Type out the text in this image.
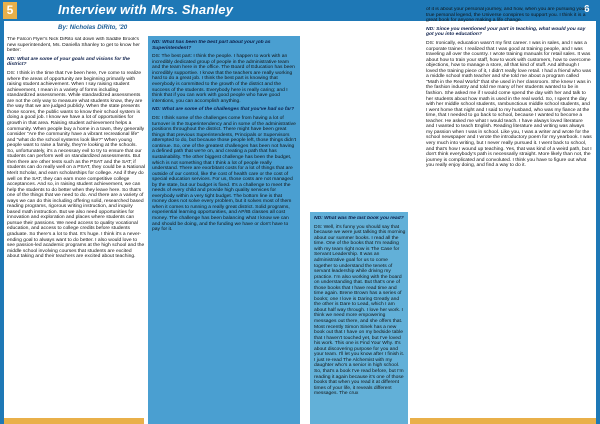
5	Interview with Mrs. Shanley	6
By: Nicholas DiRito, '20

The Falcon Flyer's Nick DiRito sat down with Saddle Brook's new superintendent, Ms. Daniella Shanley to get to know her better:

ND: What are some of your goals and visions for the district?

DS: I think in the time that I've been here, I've come to realize where the areas of opportunity are beginning primarily with raising student achievement. When I say raising student achievement, I mean in a variety of forms including standardized assessments. While standardized assessments are not the only way to measure what students know, they are the way that we are judged publicly. When the state presents those scores, the public wants to know their school system is doing a good job. I know we have a lot of opportunities for growth in that area. Raising student achievement helps a community. When people buy a home in a town, they generally consider "Are the community have a vibrant recreational life" and "what do the school systems look like?" When young people want to raise a family, they're looking at the schools. So, unfortunately, it's a necessary evil to try to ensure that our students can perform well on standardized assessments. But then there are other tests such as the PSAT and the SAT; if students can do really well on a PSAT, they could be a National Merit Scholar, and earn scholarships for college. And if they do well on the SAT, they can earn more competitive college acceptances. And so, in raising student achievement, we can help the students to do better when they leave here. So that's one of the things that we need to do. And there are a variety of ways we can do this including offering solid, researched based reading programs, rigorous writing instruction, and inquiry based math instruction. But we also need opportunities for innovation and exploration and places where students can pursue their passions. We need access to quality vocational education, and access to college credits before students graduate. So there's a lot to that. It's huge. I think it's a never-ending goal to always want to do better. I also would love to see passion-led academic programs at the high school and the middle school involving courses that students are excited about taking and their teachers are excited about teaching.

ND: What has been the best part about your job as Superintendent?

DS: The best part: I think the people. I happen to work with an incredibly dedicated group of people in the administrative team and the team here in the office. The Board of Education has been incredibly supportive. I know that the teachers are really working hard to do a great job. I think the best part is knowing that everybody is committed to the growth of the district and the success of the students. Everybody here is really caring; and I think that if you can work with good people who have good intentions, you can accomplish anything.

ND: What are some of the challenges that you've had so far?

DS: I think some of the challenges come from having a lot of turnover in the Superintendency and in some of the administrative positions throughout the district. There might have been great things that previous Superintendents, Principals or Supervisors attempted to do, but because those people left, those things didn't continue. So, one of the greatest challenges has been not having a defined path that we're on, and creating a path that has sustainability. The other biggest challenge has been the budget, which is not something that I think a lot of people really understand. There are exorbitant costs for a lot of things that are outside of our control, like the cost of health care or the cost of special education services. For us, those costs are not managed by the state, but our budget is fixed. It's a challenge to meet the needs of every child and provide high quality services for everybody within a very tight budget. The bottom line is that money does not solve every problem, but it solves most of them when it comes to running a really great district. Solid programs, experiential learning opportunities, and AP/IB classes all cost money. The challenge has been balancing what I know we can and should be doing, and the funding we have or don't have to pay for it.

ND: What was the last book you read?

DS: Well, it's funny you should say that because we were just talking this morning about our summer books. I read all the time. One of the books that I'm reading with my team right now is The Case for Servant Leadership. It was an administrative goal for us to come together to understand the tenets of servant leadership while driving my practice. I'm also working with the board on understanding that. But that's one of those books that I have read time and time again. Brene Brown has a series of books; one I love is Daring Greatly and the other is Dare to Lead, which I am about half way through. I love her work. I think we need more empowering messages out there, and she offers that. Most recently Simon Sinek has a new book out that I have on my bedside table that I haven't touched yet, but I've loved his work. This one is Find Your Why. It's about discovering purpose for you and your team. I'll let you know after I finish it. I just re-read The Alchemist with my daughter who's a senior in high school. So, that's a book I've read before, but I'm reading it again because it's one of those books that when you read it at different times of your life, it reveals different messages. The crux

of it is about your personal journey, and how, when you are pursuing your true personal legend, the Universe conspires to support you. I think it is a great book for anyone making a life change.

ND: Since you mentioned your part in teaching, what would you say got you into education?

DS: Ironically, education wasn't my first career. I was in sales, and I was a corporate trainer. I realized that I was good at training people, and I was traveling all over the country. I wrote training manuals for retail sales. It was about how to train your staff, how to work with customers, how to overcome objections, how to manage a store, all that kind of stuff. And although I loved the training piece of it, I didn't really love retail. I had a friend who was a middle school math teacher and she told me about a program called "Math in the Real World" that she used in her classroom. She knew I was in the fashion industry and told me many of her students wanted to be in fashion. She asked me if I would come spend the day with her and talk to her students about how math is used in the real world. So, I spent the day with her middle school students, rambunctious middle school students, and I went home that night and I said to my husband, who was my fiance at the time, that I needed to go back to school, because I wanted to become a teacher. He asked me what I would teach. I have always loved literature and I wanted to teach English. Reading literature and writing was always my passion when I was in school. Like you, I was a writer and wrote for the school newspaper and I wrote the introductory poem for my yearbook. I was very much into writing, but I never really pursued it. I went back to school, and that's how I wound up teaching. Yes, that was kind of a weird path, but I don't think everybody's path is necessarily straight. More likely than not, the journey is complicated and convoluted. I think you have to figure out what you really enjoy doing, and find a way to do it.
